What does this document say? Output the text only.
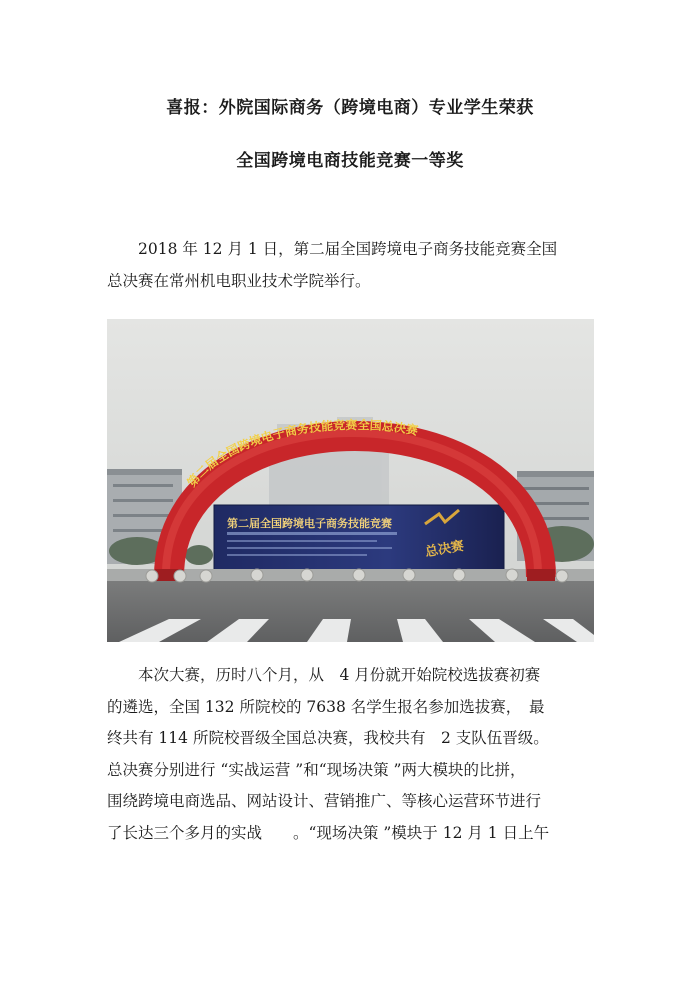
喜报：外院国际商务（跨境电商）专业学生荣获
全国跨境电商技能竞赛一等奖
2018 年 12 月 1 日，第二届全国跨境电子商务技能竞赛全国
总决赛在常州机电职业技术学院举行。
第二届全国跨境电子商务技能竞赛
总决赛
第二届全国跨境电子商务技能竞赛全国总决赛
本次大赛，历时八个月，从　4 月份就开始院校选拔赛初赛
的遴选，全国 132 所院校的 7638 名学生报名参加选拔赛，　最
终共有 114 所院校晋级全国总决赛，我校共有　2 支队伍晋级。
总决赛分别进行 “实战运营 ”和“现场决策 ”两大模块的比拼，
围绕跨境电商选品、网站设计、营销推广、等核心运营环节进行
了长达三个多月的实战　　。“现场决策 ”模块于 12 月 1 日上午
